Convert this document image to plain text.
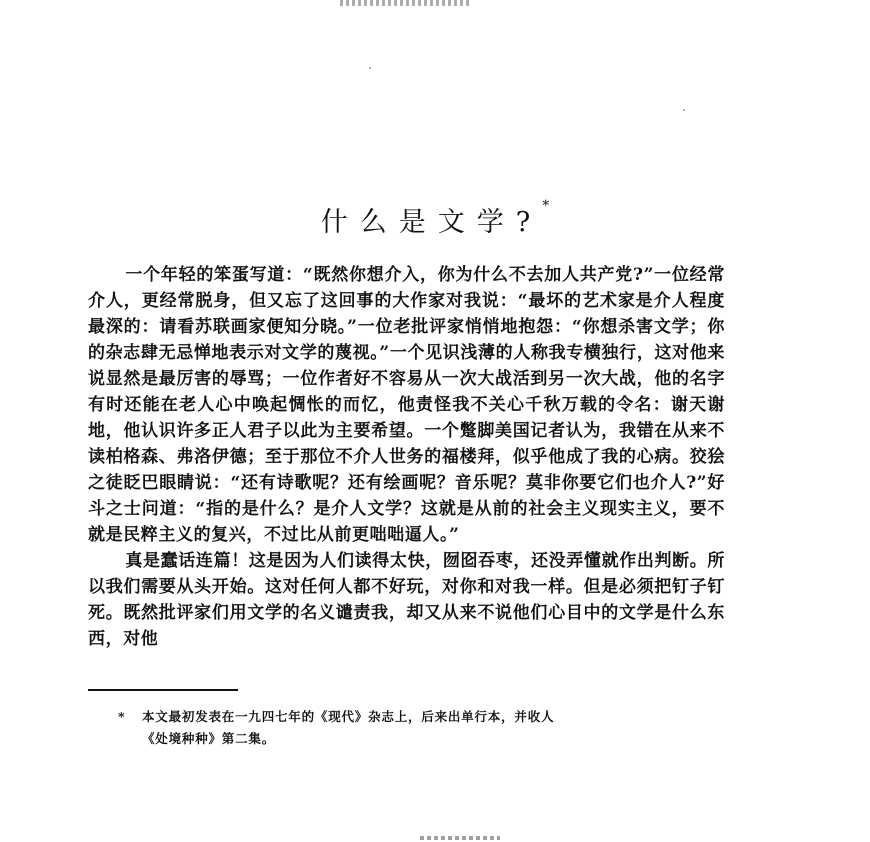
什么是文学?*

一个年轻的笨蛋写道：“既然你想介入，你为什么不去加人共产党?”一位经常介人，更经常脱身，但又忘了这回事的大作家对我说：“最坏的艺术家是介人程度最深的：请看苏联画家便知分晓。”一位老批评家悄悄地抱怨：“你想杀害文学；你的杂志肆无忌惮地表示对文学的蔑视。”一个见识浅薄的人称我专横独行，这对他来说显然是最厉害的辱骂；一位作者好不容易从一次大战活到另一次大战，他的名字有时还能在老人心中唤起惆怅的而忆，他责怪我不关心千秋万载的令名：谢天谢地，他认识许多正人君子以此为主要希望。一个蹩脚美国记者认为，我错在从来不读柏格森、弗洛伊德；至于那位不介人世务的福楼拜，似乎他成了我的心病。狡狯之徒眨巴眼睛说：“还有诗歌呢？还有绘画呢？音乐呢？莫非你要它们也介人?”好斗之士问道：“指的是什么？是介人文学？这就是从前的社会主义现实主义，要不就是民粹主义的复兴，不过比从前更咄咄逼人。”

真是蠢话连篇！这是因为人们读得太快，囫囵吞枣，还没弄懂就作出判断。所以我们需要从头开始。这对任何人都不好玩，对你和对我一样。但是必须把钉子钉死。既然批评家们用文学的名义谴责我，却又从来不说他们心目中的文学是什么东西，对他

* 本文最初发表在一九四七年的《现代》杂志上，后来出单行本，并收人
《处境种种》第二集。
